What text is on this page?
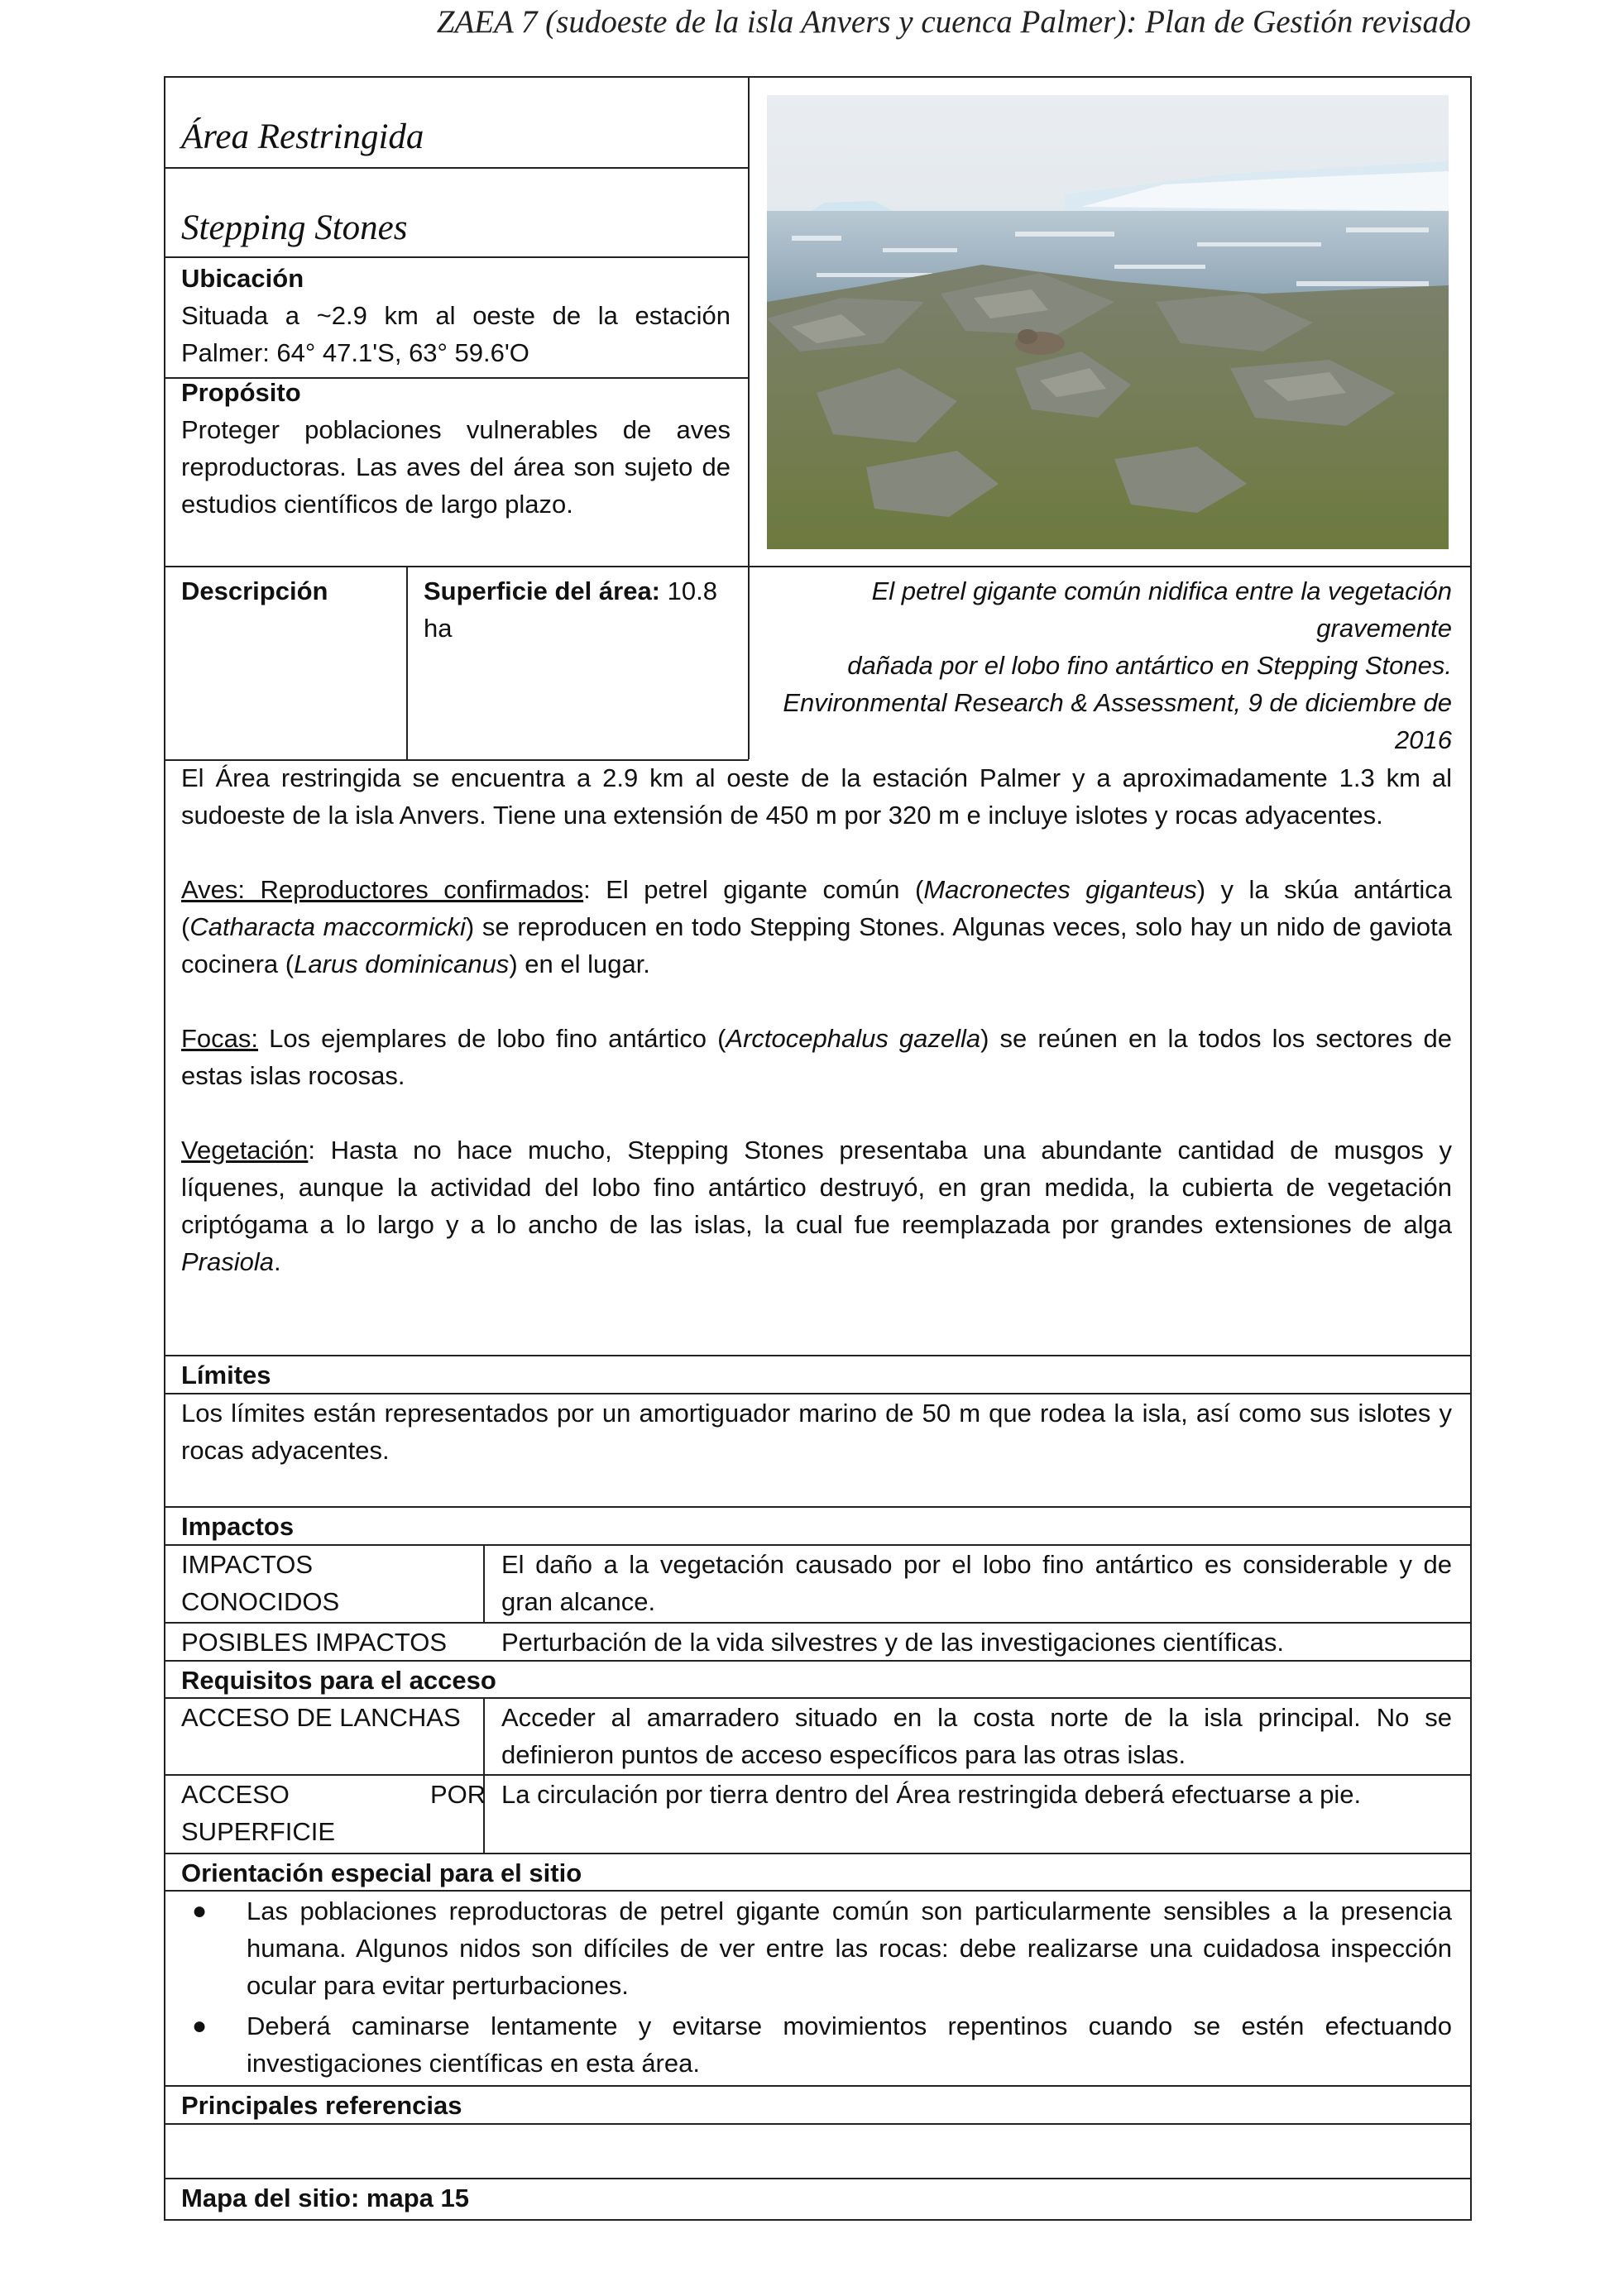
ZAEA 7 (sudoeste de la isla Anvers y cuenca Palmer): Plan de Gestión revisado
Área Restringida
Stepping Stones
Ubicación
Situada a ~2.9 km al oeste de la estación Palmer: 64° 47.1'S, 63° 59.6'O
Propósito
Proteger poblaciones vulnerables de aves reproductoras. Las aves del área son sujeto de estudios científicos de largo plazo.
Descripción	Superficie del área: 10.8 ha
El petrel gigante común nidifica entre la vegetación gravemente
dañada por el lobo fino antártico en Stepping Stones.
Environmental Research & Assessment, 9 de diciembre de 2016

El Área restringida se encuentra a 2.9 km al oeste de la estación Palmer y a aproximadamente 1.3 km al sudoeste de la isla Anvers. Tiene una extensión de 450 m por 320 m e incluye islotes y rocas adyacentes.

Aves: Reproductores confirmados: El petrel gigante común (Macronectes giganteus) y la skúa antártica (Catharacta maccormicki) se reproducen en todo Stepping Stones. Algunas veces, solo hay un nido de gaviota cocinera (Larus dominicanus) en el lugar.

Focas: Los ejemplares de lobo fino antártico (Arctocephalus gazella) se reúnen en la todos los sectores de estas islas rocosas.

Vegetación: Hasta no hace mucho, Stepping Stones presentaba una abundante cantidad de musgos y líquenes, aunque la actividad del lobo fino antártico destruyó, en gran medida, la cubierta de vegetación criptógama a lo largo y a lo ancho de las islas, la cual fue reemplazada por grandes extensiones de alga Prasiola.

Límites
Los límites están representados por un amortiguador marino de 50 m que rodea la isla, así como sus islotes y rocas adyacentes.
Impactos
IMPACTOS CONOCIDOS
El daño a la vegetación causado por el lobo fino antártico es considerable y de gran alcance.
POSIBLES IMPACTOS Perturbación de la vida silvestres y de las investigaciones científicas.
Requisitos para el acceso
ACCESO DE LANCHAS Acceder al amarradero situado en la costa norte de la isla principal. No se definieron puntos de acceso específicos para las otras islas.
ACCESO	POR
SUPERFICIE
La circulación por tierra dentro del Área restringida deberá efectuarse a pie.
Orientación especial para el sitio
● Las poblaciones reproductoras de petrel gigante común son particularmente sensibles a la presencia humana. Algunos nidos son difíciles de ver entre las rocas: debe realizarse una cuidadosa inspección ocular para evitar perturbaciones.
● Deberá caminarse lentamente y evitarse movimientos repentinos cuando se estén efectuando investigaciones científicas en esta área.
Principales referencias
Mapa del sitio: mapa 15
